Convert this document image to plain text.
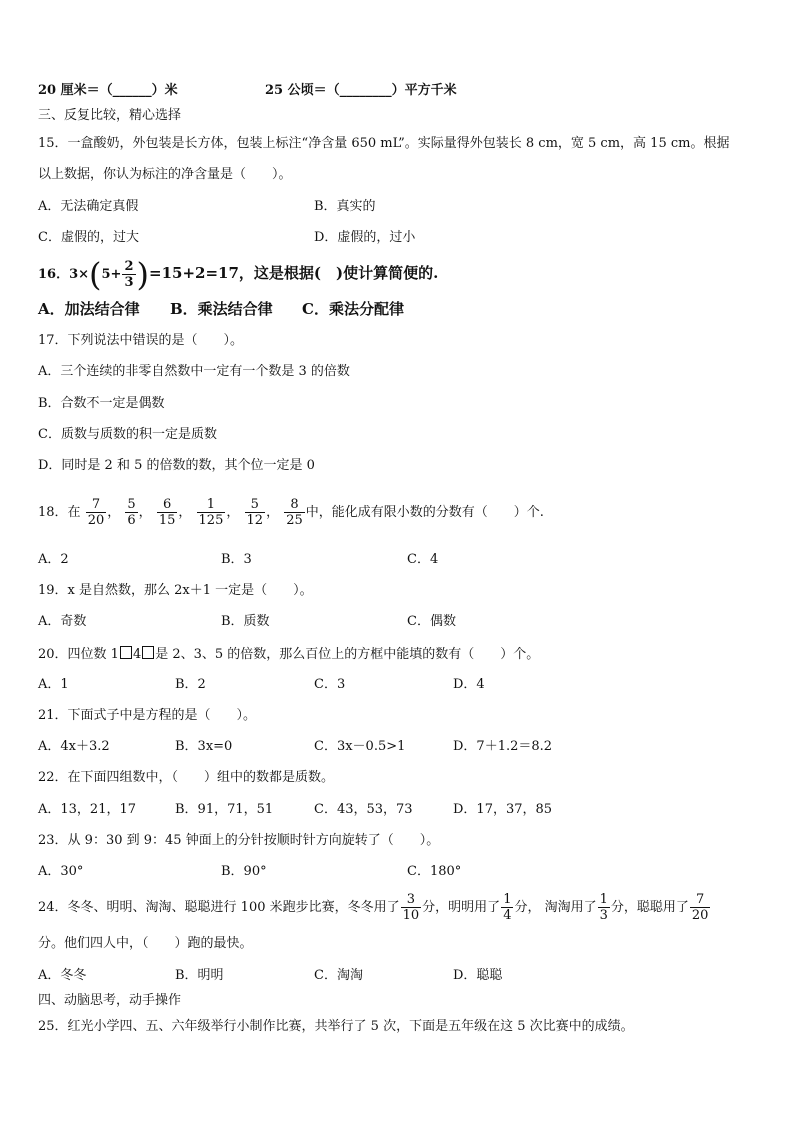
20 厘米＝（______）米	25 公顷＝（________）平方千米
三、反复比较，精心选择
15．一盒酸奶，外包装是长方体，包装上标注“净含量 650 mL”。实际量得外包装长 8 cm，宽 5 cm，高 15 cm。根据
以上数据，你认为标注的净含量是（　　）。
A．无法确定真假	B．真实的
C．虚假的，过大	D．虚假的，过小
16．$3\times(5+ \frac{2}{3} )=15+2=17$，这是根据(　)使计算简便的.
A．加法结合律 B．乘法结合律 C．乘法分配律
17．下列说法中错误的是（　　）。
A．三个连续的非零自然数中一定有一个数是 3 的倍数
B．合数不一定是偶数
C．质数与质数的积一定是质数
D．同时是 2 和 5 的倍数的数，其个位一定是 0
18．在 $\frac{7}{20}$ ， $\frac{5}{6}$ ， $\frac{6}{15}$ ， $\frac{1}{125}$ ， $\frac{5}{12}$ ， $\frac{8}{25}$ 中，能化成有限小数的分数有（　　）个.
A．2	B．3	C．4
19．x 是自然数，那么 2x＋1 一定是（　　）。
A．奇数	B．质数	C．偶数
20．四位数 1 4 是 2、3、5 的倍数，那么百位上的方框中能填的数有（　　）个。
A．1	B．2	C．3	D．4
21．下面式子中是方程的是（　　）。
A．4x＋3.2	B．3x=0	C．3x－0.5>1	D．7＋1.2＝8.2
22．在下面四组数中，（　　）组中的数都是质数。
A．13，21，17	B．91，71，51	C．43，53，73	D．17，37，85
23．从 9：30 到 9：45 钟面上的分针按顺时针方向旋转了（　　）。
A．30°	B．90°	C．180°
24．冬冬、明明、淘淘、聪聪进行 100 米跑步比赛，冬冬用了 $\frac{3}{10}$ 分，明明用了 $\frac{1}{4}$ 分， 淘淘用了 $\frac{1}{3}$ 分，聪聪用了 $\frac{7}{20}$
分。他们四人中，（　　）跑的最快。
A．冬冬	B．明明	C．淘淘	D．聪聪
四、动脑思考，动手操作
25．红光小学四、五、六年级举行小制作比赛，共举行了 5 次，下面是五年级在这 5 次比赛中的成绩。
